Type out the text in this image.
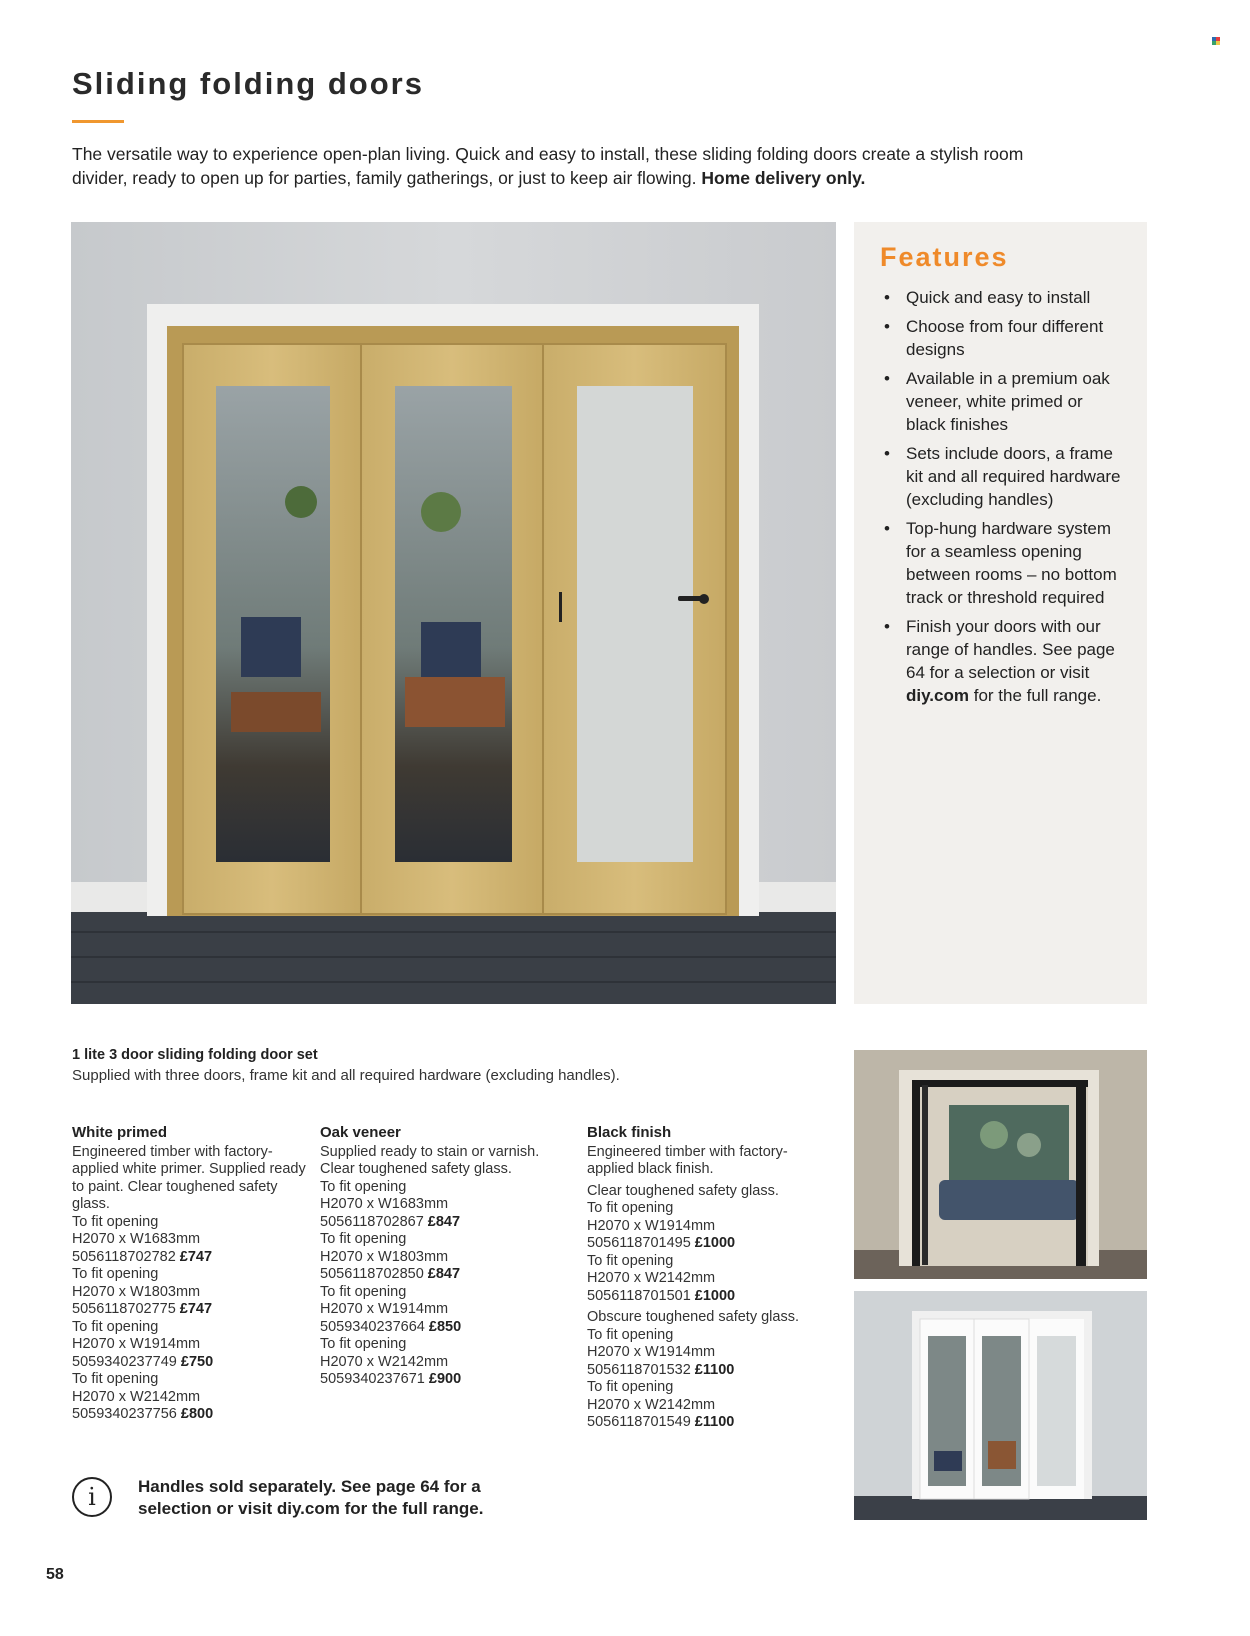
Sliding folding doors
The versatile way to experience open-plan living. Quick and easy to install, these sliding folding doors create a stylish room divider, ready to open up for parties, family gatherings, or just to keep air flowing. Home delivery only.
Features
• Quick and easy to install
• Choose from four different designs
• Available in a premium oak veneer, white primed or black finishes
• Sets include doors, a frame kit and all required hardware (excluding handles)
• Top-hung hardware system for a seamless opening between rooms – no bottom track or threshold required
• Finish your doors with our range of handles. See page 64 for a selection or visit diy.com for the full range.
1 lite 3 door sliding folding door set
Supplied with three doors, frame kit and all required hardware (excluding handles).
White primed

Engineered timber with factory-applied white primer. Supplied ready to paint. Clear toughened safety glass.

To fit opening

H2070 x W1683mm

5056118702782 £747

To fit opening

H2070 x W1803mm

5056118702775 £747

To fit opening

H2070 x W1914mm

5059340237749 £750

To fit opening

H2070 x W2142mm

5059340237756 £800

Oak veneer

Supplied ready to stain or varnish. Clear toughened safety glass.

To fit opening

H2070 x W1683mm

5056118702867 £847

To fit opening

H2070 x W1803mm

5056118702850 £847

To fit opening

H2070 x W1914mm

5059340237664 £850

To fit opening

H2070 x W2142mm

5059340237671 £900

Black finish

Engineered timber with factory-applied black finish.

Clear toughened safety glass.

To fit opening

H2070 x W1914mm

5056118701495 £1000

To fit opening

H2070 x W2142mm

5056118701501 £1000

Obscure toughened safety glass.

To fit opening

H2070 x W1914mm

5056118701532 £1100

To fit opening

H2070 x W2142mm

5056118701549 £1100

i	Handles sold separately. See page 64 for a selection or visit diy.com for the full range.
58
